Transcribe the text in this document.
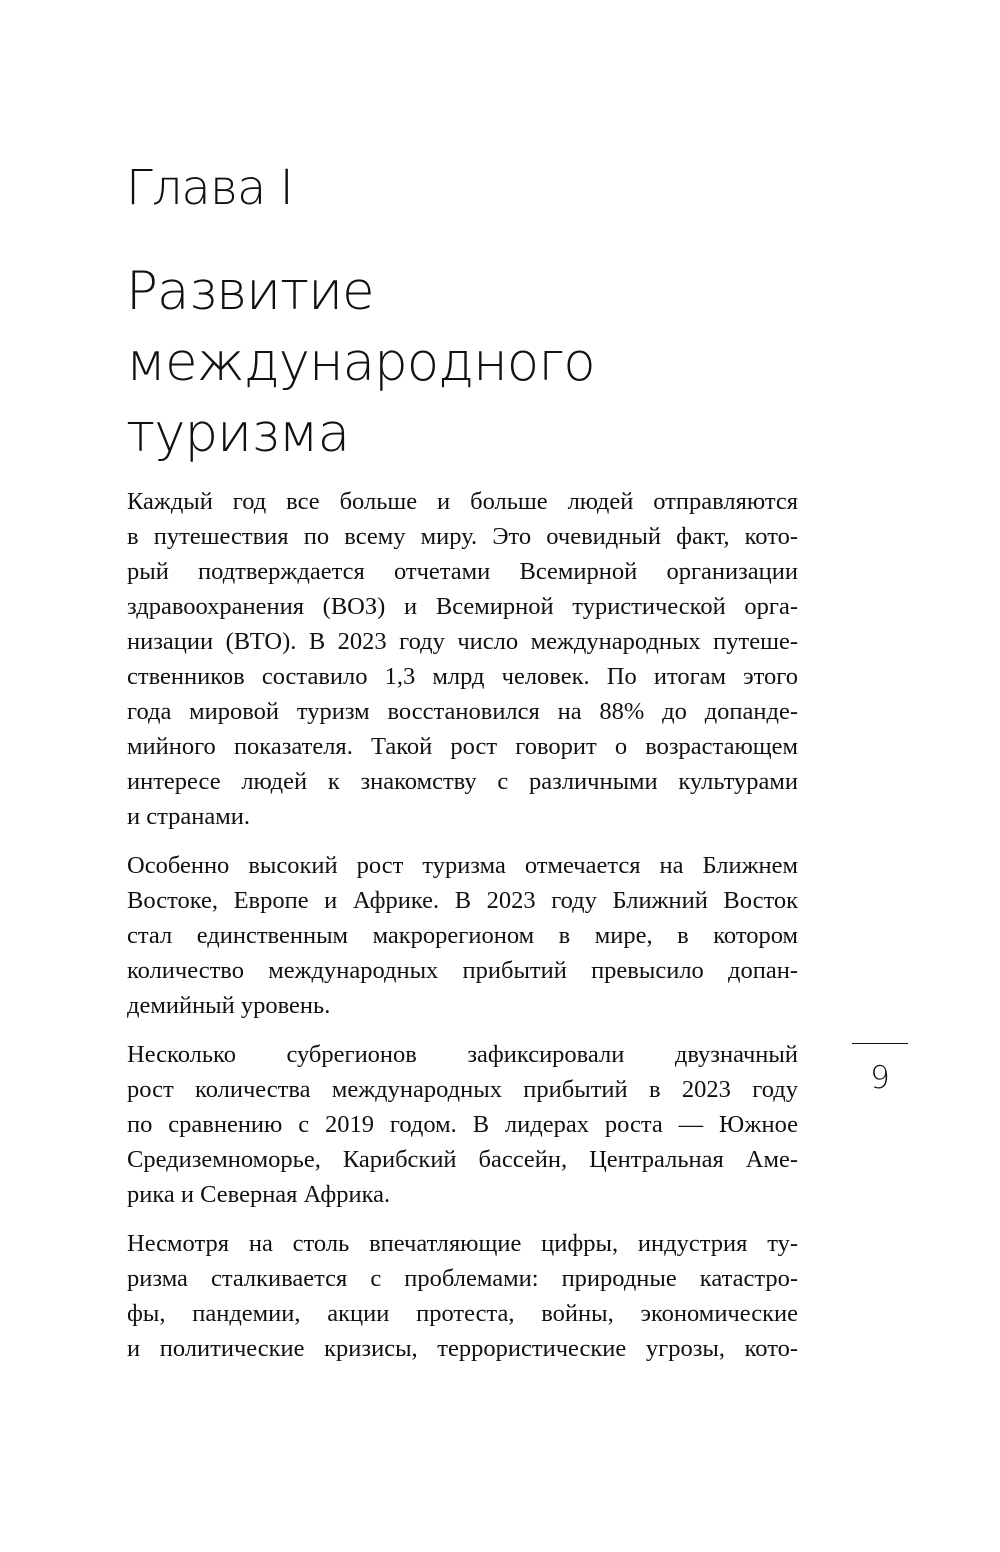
Глава I
Развитие
международного
туризма

Каждый год все больше и больше людей отправляются
в путешествия по всему миру. Это очевидный факт, кото-
рый подтверждается отчетами Всемирной организации
здравоохранения (ВОЗ) и Всемирной туристической орга-
низации (ВТО). В 2023 году число международных путеше-
ственников составило 1,3 млрд человек. По итогам этого
года мировой туризм восстановился на 88% до допанде-
мийного показателя. Такой рост говорит о возрастающем
интересе людей к знакомству с различными культурами
и странами.

Особенно высокий рост туризма отмечается на Ближнем
Востоке, Европе и Африке. В 2023 году Ближний Восток
стал единственным макрорегионом в мире, в котором
количество международных прибытий превысило допан-
демийный уровень.

Несколько субрегионов зафиксировали двузначный
рост количества международных прибытий в 2023 году
по сравнению с 2019 годом. В лидерах роста — Южное
Средиземноморье, Карибский бассейн, Центральная Аме-
рика и Северная Африка.

Несмотря на столь впечатляющие цифры, индустрия ту-
ризма сталкивается с проблемами: природные катастро-
фы, пандемии, акции протеста, войны, экономические
и политические кризисы, террористические угрозы, кото-

9
